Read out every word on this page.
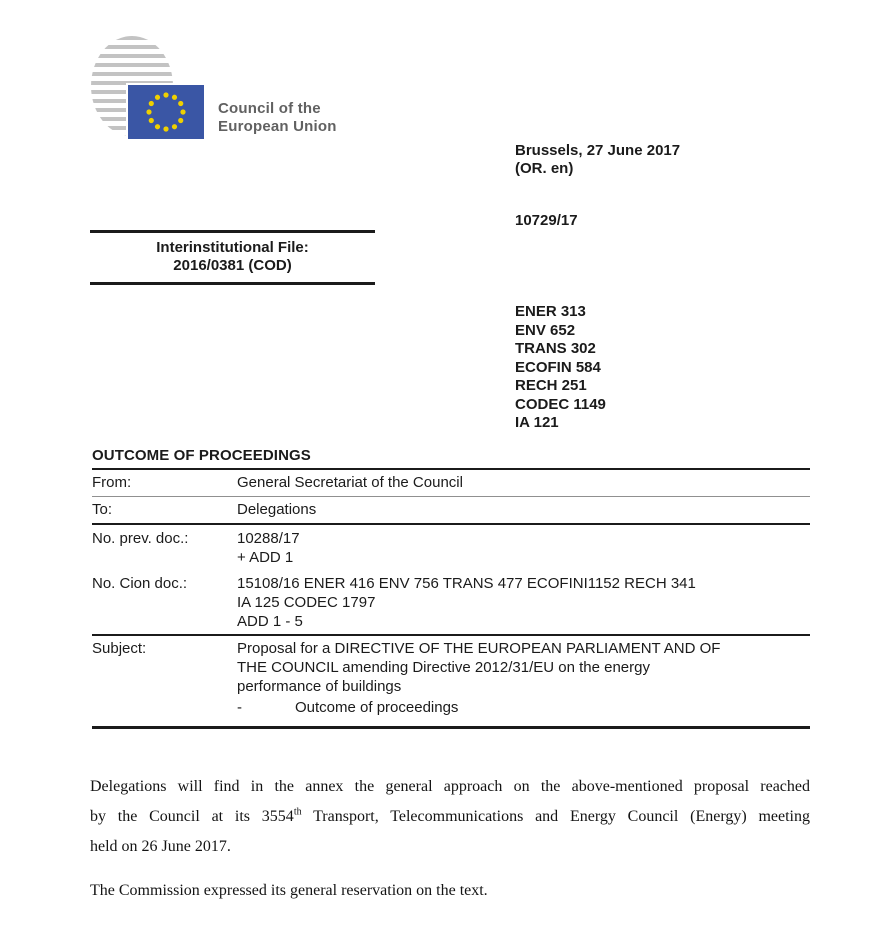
Council of the
European Union
Brussels, 27 June 2017
(OR. en)
10729/17
ENER 313
ENV 652
TRANS 302
ECOFIN 584
RECH 251
CODEC 1149
IA 121
Interinstitutional File:
2016/0381 (COD)
OUTCOME OF PROCEEDINGS
From:	General Secretariat of the Council
To:	Delegations
No. prev. doc.:	10288/17
+ ADD 1
No. Cion doc.:	15108/16 ENER 416 ENV 756 TRANS 477 ECOFINI1152 RECH 341
IA 125 CODEC 1797
ADD 1 - 5
Subject:	Proposal for a DIRECTIVE OF THE EUROPEAN PARLIAMENT AND OF
THE COUNCIL amending Directive 2012/31/EU on the energy
performance of buildings
-	Outcome of proceedings

Delegations will find in the annex the general approach on the above-mentioned proposal reached

by the Council at its 3554th Transport, Telecommunications and Energy Council (Energy) meeting

held on 26 June 2017.

The Commission expressed its general reservation on the text.
